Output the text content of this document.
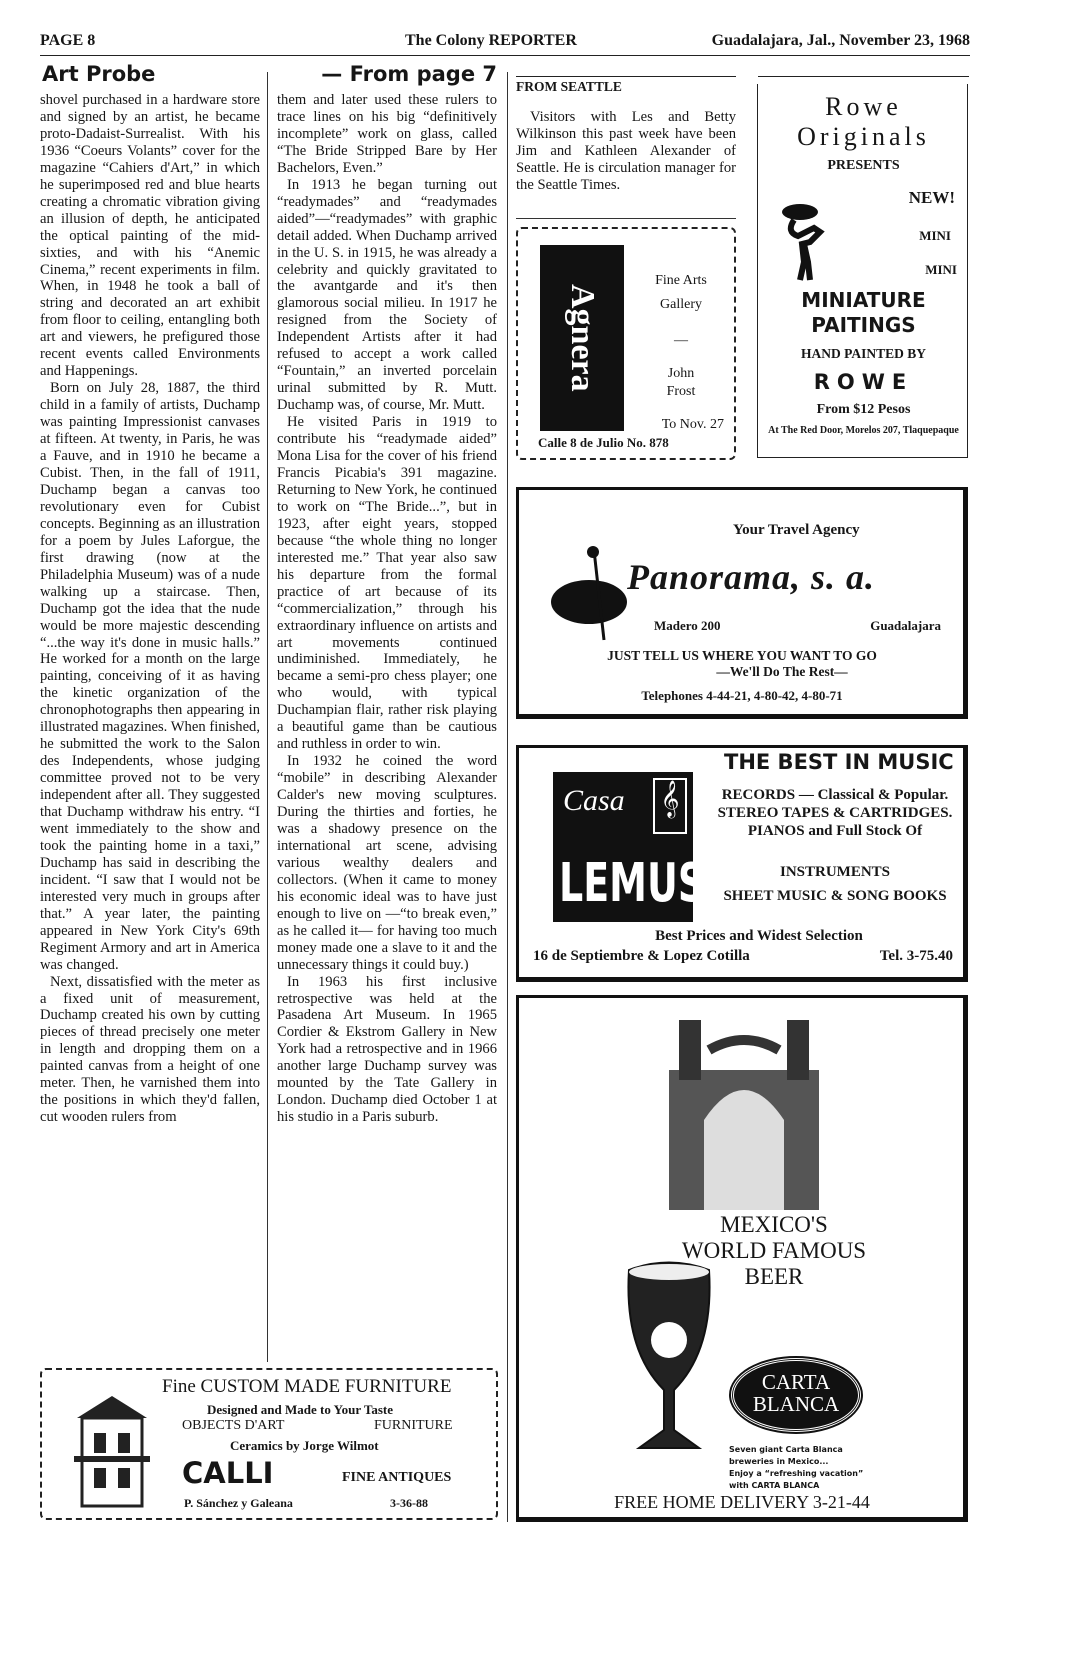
PAGE 8	The Colony REPORTER	Guadalajara, Jal., November 23, 1968
Art Probe	— From page 7

shovel purchased in a hardware store and signed by an artist, he became proto-Dadaist-Surrealist. With his 1936 “Coeurs Volants” cover for the magazine “Cahiers d'Art,” in which he superimposed red and blue hearts creating a chromatic vibration giving an illusion of depth, he anticipated the optical painting of the mid-sixties, and with his “Anemic Cinema,” recent experiments in film. When, in 1948 he took a ball of string and decorated an art exhibit from floor to ceiling, entangling both art and viewers, he prefigured those recent events called Environments and Happenings.

Born on July 28, 1887, the third child in a family of artists, Duchamp was painting Impressionist canvases at fifteen. At twenty, in Paris, he was a Fauve, and in 1910 he became a Cubist. Then, in the fall of 1911, Duchamp began a canvas too revolutionary even for Cubist concepts. Beginning as an illustration for a poem by Jules Laforgue, the first drawing (now at the Philadelphia Museum) was of a nude walking up a staircase. Then, Duchamp got the idea that the nude would be more majestic descending “...the way it's done in music halls.” He worked for a month on the large painting, conceiving of it as having the kinetic organization of the chronophotographs then appearing in illustrated magazines. When finished, he submitted the work to the Salon des Independents, whose judging committee proved not to be very independent after all. They suggested that Duchamp withdraw his entry. “I went immediately to the show and took the painting home in a taxi,” Duchamp has said in describing the incident. “I saw that I would not be interested very much in groups after that.” A year later, the painting appeared in New York City's 69th Regiment Armory and art in America was changed.

Next, dissatisfied with the meter as a fixed unit of measurement, Duchamp created his own by cutting pieces of thread precisely one meter in length and dropping them on a painted canvas from a height of one meter. Then, he varnished them into the positions in which they'd fallen, cut wooden rulers from

them and later used these rulers to trace lines on his big “definitively incomplete” work on glass, called “The Bride Stripped Bare by Her Bachelors, Even.”

In 1913 he began turning out “readymades” and “readymades aided”—“readymades” with graphic detail added. When Duchamp arrived in the U. S. in 1915, he was already a celebrity and quickly gravitated to the avantgarde and it's then glamorous social milieu. In 1917 he resigned from the Society of Independent Artists after it had refused to accept a work called “Fountain,” an inverted porcelain urinal submitted by R. Mutt. Duchamp was, of course, Mr. Mutt.

He visited Paris in 1919 to contribute his “readymade aided” Mona Lisa for the cover of his friend Francis Picabia's 391 magazine. Returning to New York, he continued to work on “The Bride...”, but in 1923, after eight years, stopped because “the whole thing no longer interested me.” That year also saw his departure from the formal practice of art because of its “commercialization,” through his extraordinary influence on artists and art movements continued undiminished. Immediately, he became a semi-pro chess player; one who would, with typical Duchampian flair, rather risk playing a beautiful game than be cautious and ruthless in order to win.

In 1932 he coined the word “mobile” in describing Alexander Calder's new moving sculptures. During the thirties and forties, he was a shadowy presence on the international art scene, advising various wealthy dealers and collectors. (When it came to money his economic ideal was to have just enough to live on —“to break even,” as he called it— for having too much money made one a slave to it and the unnecessary things it could buy.)

In 1963 his first inclusive retrospective was held at the Pasadena Art Museum. In 1965 Cordier & Ekstrom Gallery in New York had a retrospective and in 1966 another large Duchamp survey was mounted by the Tate Gallery in London. Duchamp died October 1 at his studio in a Paris suburb.

Fine CUSTOM MADE FURNITURE
Designed and Made to Your Taste
OBJECTS D'ART	FURNITURE
Ceramics by Jorge Wilmot
CALLI	FINE ANTIQUES
P. Sánchez y Galeana	3-36-88
FROM SEATTLE

Visitors with Les and Betty Wilkinson this past week have been Jim and Kathleen Alexander of Seattle. He is circulation manager for the Seattle Times.

Agnera
Fine Arts
Gallery
—
John
Frost
To Nov. 27
Calle 8 de Julio No. 878
Rowe
Originals
PRESENTS
NEW!
MINI
MINI
MINIATURE
PAITINGS
HAND PAINTED BY
ROWE
From $12 Pesos
At The Red Door, Morelos 207, Tlaquepaque
Your Travel Agency
Panorama, s. a.
Madero 200	Guadalajara
JUST TELL US WHERE YOU WANT TO GO
—We'll Do The Rest—
Telephones 4-44-21, 4-80-42, 4-80-71
Casa 𝄞
LEMUS
THE BEST IN MUSIC
RECORDS — Classical & Popular. STEREO TAPES & CARTRIDGES. PIANOS and Full Stock Of
INSTRUMENTS
SHEET MUSIC & SONG BOOKS
Best Prices and Widest Selection
16 de Septiembre & Lopez Cotilla	Tel. 3-75.40
MEXICO'S
WORLD FAMOUS
BEER
CARTA
BLANCA
Seven giant Carta Blanca
breweries in Mexico...
Enjoy a “refreshing vacation”
with CARTA BLANCA
FREE HOME DELIVERY 3-21-44
